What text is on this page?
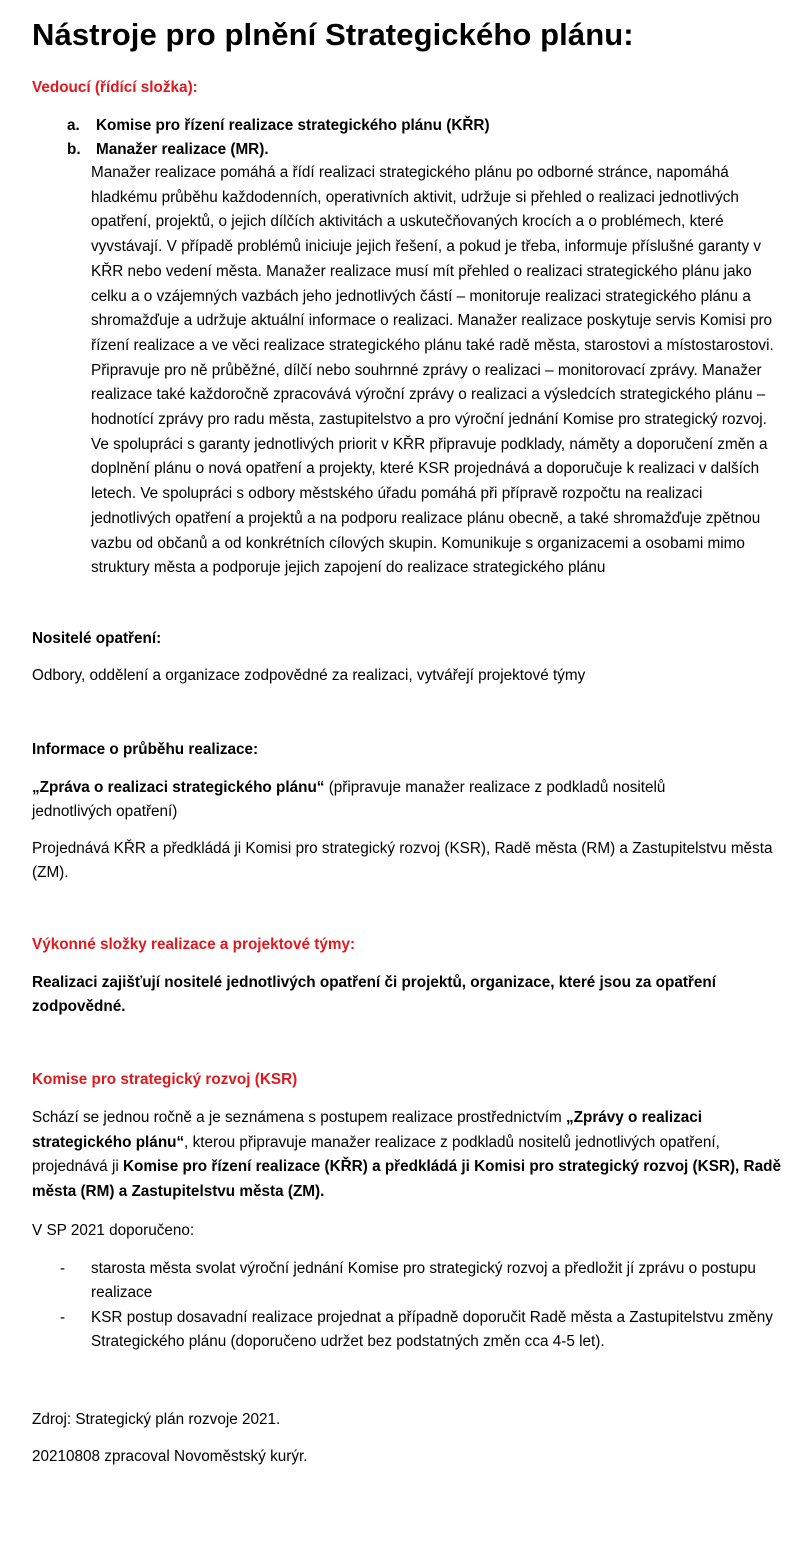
Nástroje pro plnění Strategického plánu:
Vedoucí (řídící složka):
a. Komise pro řízení realizace strategického plánu (KŘR)
b. Manažer realizace (MR).
Manažer realizace pomáhá a řídí realizaci strategického plánu po odborné stránce, napomáhá hladkému průběhu každodenních, operativních aktivit, udržuje si přehled o realizaci jednotlivých opatření, projektů, o jejich dílčích aktivitách a uskutečňovaných krocích a o problémech, které vyvstávají. V případě problémů iniciuje jejich řešení, a pokud je třeba, informuje příslušné garanty v KŘR nebo vedení města. Manažer realizace musí mít přehled o realizaci strategického plánu jako celku a o vzájemných vazbách jeho jednotlivých částí – monitoruje realizaci strategického plánu a shromažďuje a udržuje aktuální informace o realizaci. Manažer realizace poskytuje servis Komisi pro řízení realizace a ve věci realizace strategického plánu také radě města, starostovi a místostarostovi. Připravuje pro ně průběžné, dílčí nebo souhrnné zprávy o realizaci – monitorovací zprávy. Manažer realizace také každoročně zpracovává výroční zprávy o realizaci a výsledcích strategického plánu – hodnotící zprávy pro radu města, zastupitelstvo a pro výroční jednání Komise pro strategický rozvoj. Ve spolupráci s garanty jednotlivých priorit v KŘR připravuje podklady, náměty a doporučení změn a doplnění plánu o nová opatření a projekty, které KSR projednává a doporučuje k realizaci v dalších letech. Ve spolupráci s odbory městského úřadu pomáhá při přípravě rozpočtu na realizaci jednotlivých opatření a projektů a na podporu realizace plánu obecně, a také shromažďuje zpětnou vazbu od občanů a od konkrétních cílových skupin. Komunikuje s organizacemi a osobami mimo struktury města a podporuje jejich zapojení do realizace strategického plánu
Nositelé opatření:
Odbory, oddělení a organizace zodpovědné za realizaci, vytvářejí projektové týmy
Informace o průběhu realizace:
„Zpráva o realizaci strategického plánu“ (připravuje manažer realizace z podkladů nositelů jednotlivých opatření)
Projednává KŘR a předkládá ji Komisi pro strategický rozvoj (KSR), Radě města (RM) a Zastupitelstvu města (ZM).
Výkonné složky realizace a projektové týmy:
Realizaci zajišťují nositelé jednotlivých opatření či projektů, organizace, které jsou za opatření zodpovědné.
Komise pro strategický rozvoj (KSR)
Schází se jednou ročně a je seznámena s postupem realizace prostřednictvím „Zprávy o realizaci strategického plánu“, kterou připravuje manažer realizace z podkladů nositelů jednotlivých opatření, projednává ji Komise pro řízení realizace (KŘR) a předkládá ji Komisi pro strategický rozvoj (KSR), Radě města (RM) a Zastupitelstvu města (ZM).
V SP 2021 doporučeno:
- starosta města svolat výroční jednání Komise pro strategický rozvoj a předložit jí zprávu o postupu realizace
- KSR postup dosavadní realizace projednat a případně doporučit Radě města a Zastupitelstvu změny Strategického plánu (doporučeno udržet bez podstatných změn cca 4-5 let).
Zdroj: Strategický plán rozvoje 2021.
20210808 zpracoval Novoměstský kurýr.
